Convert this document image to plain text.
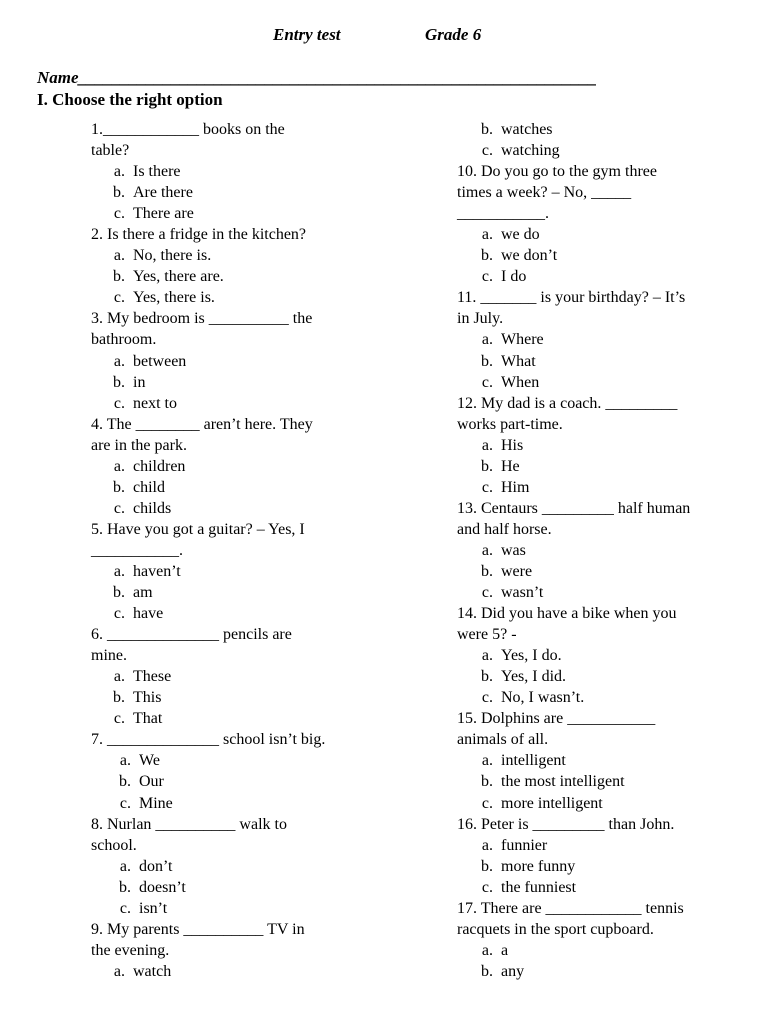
Entry test	Grade 6
Name_____________________________________________________________
I. Choose the right option
1.____________ books on the
table?
a. Is there
b. Are there
c. There are
2. Is there a fridge in the kitchen?
a. No, there is.
b. Yes, there are.
c. Yes, there is.
3. My bedroom is __________ the
bathroom.
a. between
b. in
c. next to
4. The ________ aren’t here. They
are in the park.
a. children
b. child
c. childs
5. Have you got a guitar? – Yes, I
___________.
a. haven’t
b. am
c. have
6. ______________ pencils are
mine.
a. These
b. This
c. That
7. ______________ school isn’t big.
a. We
b. Our
c. Mine
8. Nurlan __________ walk to
school.
a. don’t
b. doesn’t
c. isn’t
9. My parents __________ TV in
the evening.
a. watch
b. watches
c. watching
10. Do you go to the gym three
times a week? – No, _____
___________.
a. we do
b. we don’t
c. I do
11. _______ is your birthday? – It’s
in July.
a. Where
b. What
c. When
12. My dad is a coach. _________
works part-time.
a. His
b. He
c. Him
13. Centaurs _________ half human
and half horse.
a. was
b. were
c. wasn’t
14. Did you have a bike when you
were 5? -
a. Yes, I do.
b. Yes, I did.
c. No, I wasn’t.
15. Dolphins are ___________
animals of all.
a. intelligent
b. the most intelligent
c. more intelligent
16. Peter is _________ than John.
a. funnier
b. more funny
c. the funniest
17. There are ____________ tennis
racquets in the sport cupboard.
a. a
b. any
